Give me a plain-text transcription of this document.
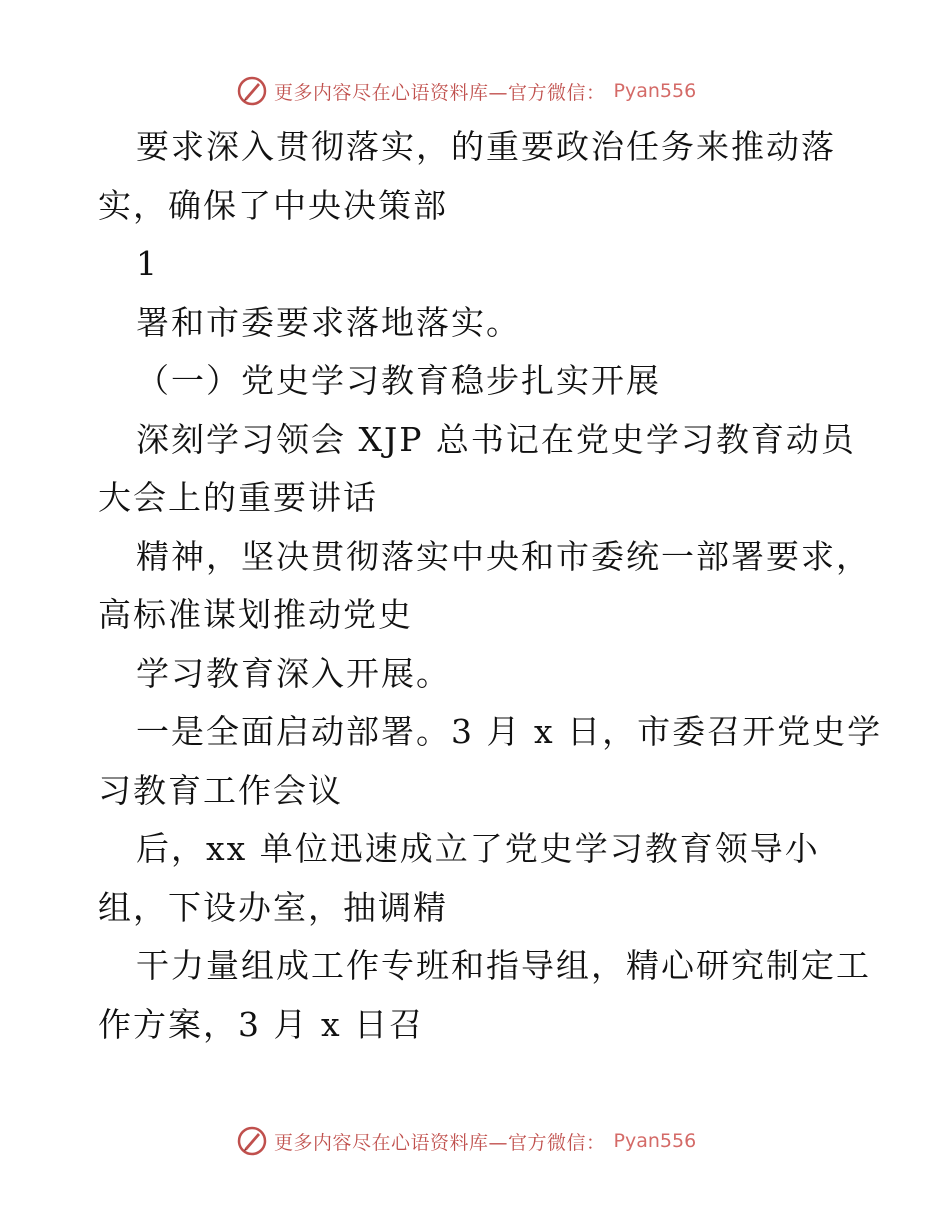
更多内容尽在心语资料库—官方微信： Pyan556
要求深入贯彻落实，的重要政治任务来推动落
实，确保了中央决策部
1
署和市委要求落地落实。
（一）党史学习教育稳步扎实开展
深刻学习领会 XJP 总书记在党史学习教育动员
大会上的重要讲话
精神，坚决贯彻落实中央和市委统一部署要求，
高标准谋划推动党史
学习教育深入开展。
一是全面启动部署。3 月 x 日，市委召开党史学
习教育工作会议
后，xx 单位迅速成立了党史学习教育领导小
组，下设办室，抽调精
干力量组成工作专班和指导组，精心研究制定工
作方案，3 月 x 日召
更多内容尽在心语资料库—官方微信： Pyan556
